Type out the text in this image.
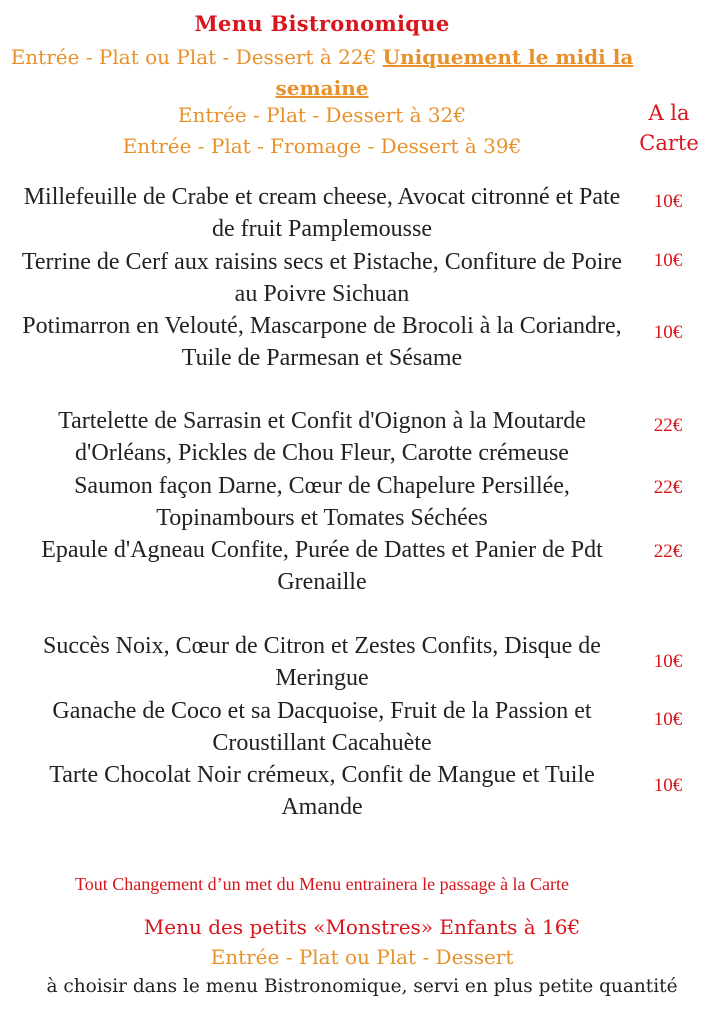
Menu Bistronomique
Entrée - Plat ou Plat - Dessert à 22€ Uniquement le midi la semaine
Entrée - Plat - Dessert à 32€
Entrée - Plat - Fromage - Dessert à 39€
A la
Carte
Millefeuille de Crabe et cream cheese, Avocat citronné et Pate de fruit Pamplemousse
10€
Terrine de Cerf aux raisins secs et Pistache, Confiture de Poire au Poivre Sichuan
10€
Potimarron en Velouté, Mascarpone de Brocoli à la Coriandre, Tuile de Parmesan et Sésame
10€
Tartelette de Sarrasin et Confit d'Oignon à la Moutarde d'Orléans, Pickles de Chou Fleur, Carotte crémeuse
22€
Saumon façon Darne, Cœur de Chapelure Persillée, Topinambours et Tomates Séchées
22€
Epaule d'Agneau Confite, Purée de Dattes et Panier de Pdt Grenaille
22€
Succès Noix, Cœur de Citron et Zestes Confits, Disque de Meringue
10€
Ganache de Coco et sa Dacquoise, Fruit de la Passion et Croustillant Cacahuète
10€
Tarte Chocolat Noir crémeux, Confit de Mangue et Tuile Amande
10€
Tout Changement d’un met du Menu entrainera le passage à la Carte
Menu des petits «Monstres» Enfants à 16€
Entrée - Plat ou Plat - Dessert
à choisir dans le menu Bistronomique, servi en plus petite quantité
